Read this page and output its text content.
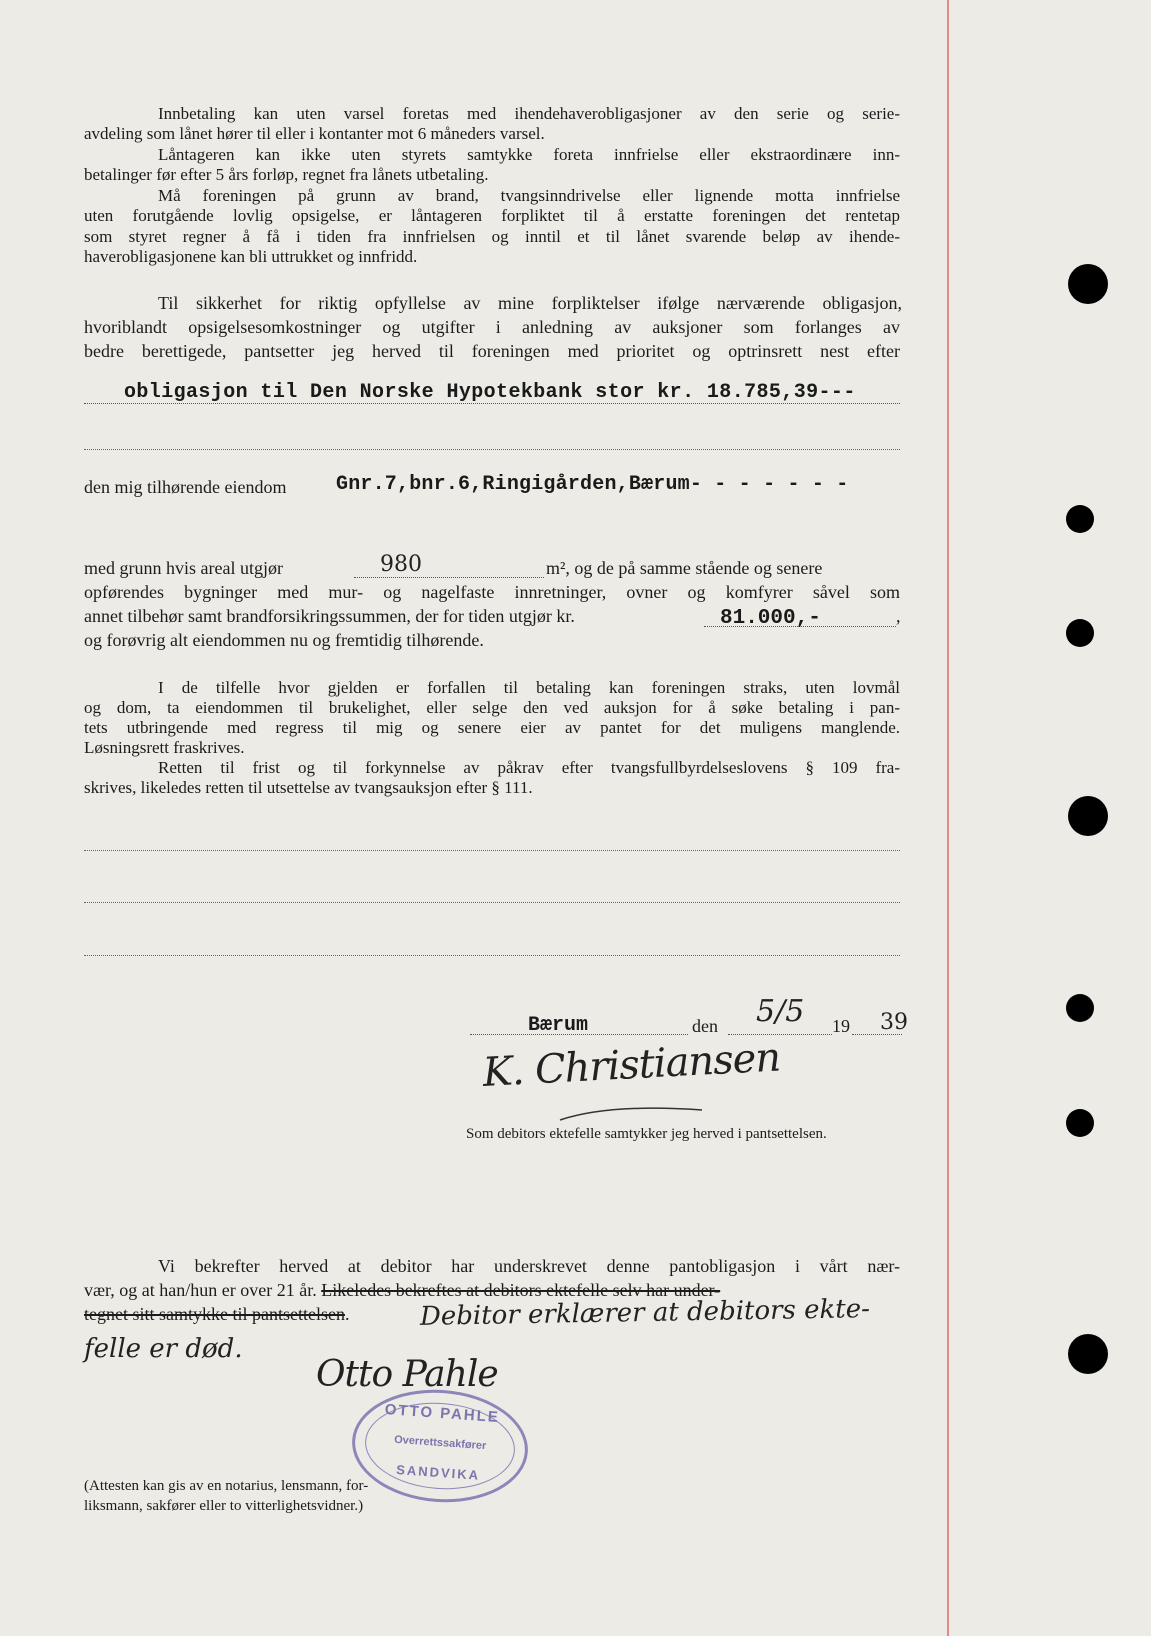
Innbetaling kan uten varsel foretas med ihendehaverobligasjoner av den serie og serie-
avdeling som lånet hører til eller i kontanter mot 6 måneders varsel.
Låntageren kan ikke uten styrets samtykke foreta innfrielse eller ekstraordinære inn-
betalinger før efter 5 års forløp, regnet fra lånets utbetaling.
Må foreningen på grunn av brand, tvangsinndrivelse eller lignende motta innfrielse
uten forutgående lovlig opsigelse, er låntageren forpliktet til å erstatte foreningen det rentetap
som styret regner å få i tiden fra innfrielsen og inntil et til lånet svarende beløp av ihende-
haverobligasjonene kan bli uttrukket og innfridd.
Til sikkerhet for riktig opfyllelse av mine forpliktelser ifølge nærværende obligasjon,
hvoriblandt opsigelsesomkostninger og utgifter i anledning av auksjoner som forlanges av
bedre berettigede, pantsetter jeg herved til foreningen med prioritet og optrinsrett nest efter
obligasjon til Den Norske Hypotekbank stor kr. 18.785,39---
den mig tilhørende eiendom Gnr.7,bnr.6,Ringigården,Bærum- - - - - - -
med grunn hvis areal utgjør	980	m², og de på samme stående og senere
opførendes bygninger med mur- og nagelfaste innretninger, ovner og komfyrer såvel som
annet tilbehør samt brandforsikringssummen, der for tiden utgjør kr.	81.000,-	,
og forøvrig alt eiendommen nu og fremtidig tilhørende.
I de tilfelle hvor gjelden er forfallen til betaling kan foreningen straks, uten lovmål
og dom, ta eiendommen til brukelighet, eller selge den ved auksjon for å søke betaling i pan-
tets utbringende med regress til mig og senere eier av pantet for det muligens manglende.
Løsningsrett fraskrives.
Retten til frist og til forkynnelse av påkrav efter tvangsfullbyrdelseslovens § 109 fra-
skrives, likeledes retten til utsettelse av tvangsauksjon efter § 111.
Bærum	den 5/5 19 39
K. Christiansen
Som debitors ektefelle samtykker jeg herved i pantsettelsen.
Vi bekrefter herved at debitor har underskrevet denne pantobligasjon i vårt nær-
vær, og at han/hun er over 21 år. Likeledes bekreftes at debitors ektefelle selv har under-
tegnet sitt samtykke til pantsettelsen.	Debitor erklærer at debitors ekte-
felle er død.
Otto Pahle
OTTO PAHLE
Overrettssakfører
SANDVIKA
(Attesten kan gis av en notarius, lensmann, for-
liksmann, sakfører eller to vitterlighetsvidner.)
